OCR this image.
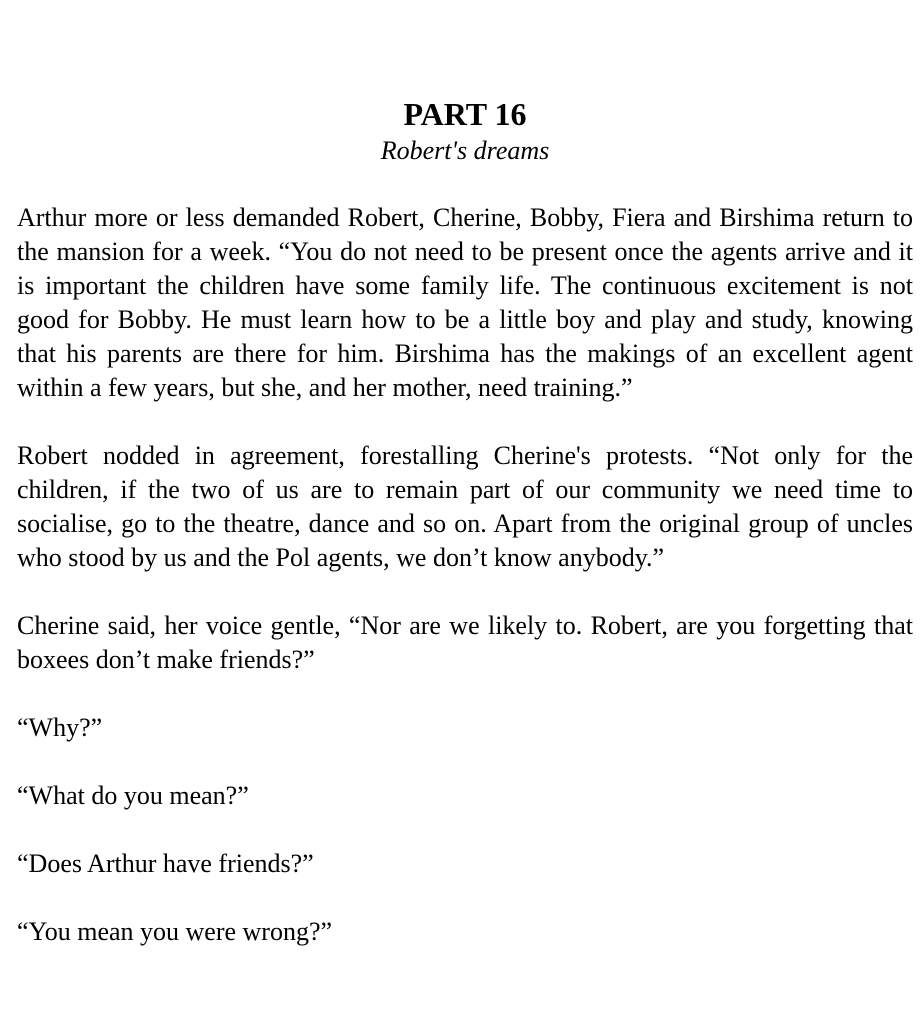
PART 16
Robert's dreams

Arthur more or less demanded Robert, Cherine, Bobby, Fiera and Birshima return to the mansion for a week. “You do not need to be present once the agents arrive and it is important the children have some family life. The continuous excitement is not good for Bobby. He must learn how to be a little boy and play and study, knowing that his parents are there for him. Birshima has the makings of an excellent agent within a few years, but she, and her mother, need training.”

Robert nodded in agreement, forestalling Cherine's protests. “Not only for the children, if the two of us are to remain part of our community we need time to socialise, go to the theatre, dance and so on. Apart from the original group of uncles who stood by us and the Pol agents, we don’t know anybody.”

Cherine said, her voice gentle, “Nor are we likely to. Robert, are you forgetting that boxees don’t make friends?”

“Why?”

“What do you mean?”

“Does Arthur have friends?”

“You mean you were wrong?”
